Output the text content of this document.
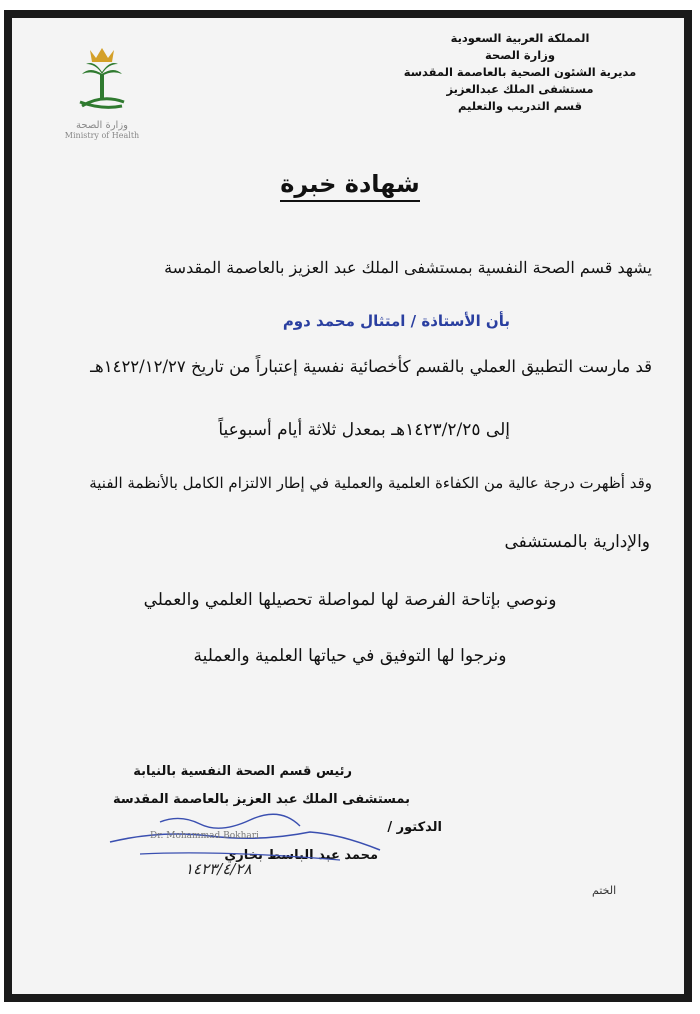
وزارة الصحة
Ministry of Health
المملكة العربية السعودية
وزارة الصحة
مديرية الشئون الصحية بالعاصمة المقدسة
مستشفى الملك عبدالعزيز
قسم التدريب والتعليم
شهادة خبرة
يشهد قسم الصحة النفسية بمستشفى الملك عبد العزيز بالعاصمة المقدسة
بأن الأستاذة / امتثال محمد دوم
قد مارست التطبيق العملي بالقسم كأخصائية نفسية إعتباراً من تاريخ ١٤٢٢/١٢/٢٧هـ
إلى ١٤٢٣/٢/٢٥هـ بمعدل ثلاثة أيام أسبوعياً
وقد أظهرت درجة عالية من الكفاءة العلمية والعملية في إطار الالتزام الكامل بالأنظمة الفنية
والإدارية بالمستشفى
ونوصي بإتاحة الفرصة لها لمواصلة تحصيلها العلمي والعملي
ونرجوا لها التوفيق في حياتها العلمية والعملية
رئيس قسم الصحة النفسية بالنيابة
بمستشفى الملك عبد العزيز بالعاصمة المقدسة
الدكتور /
محمد عبد الباسط بخاري
Dr. Mohammad Bokhari
١٤٢٣/٤/٢٨
الختم
